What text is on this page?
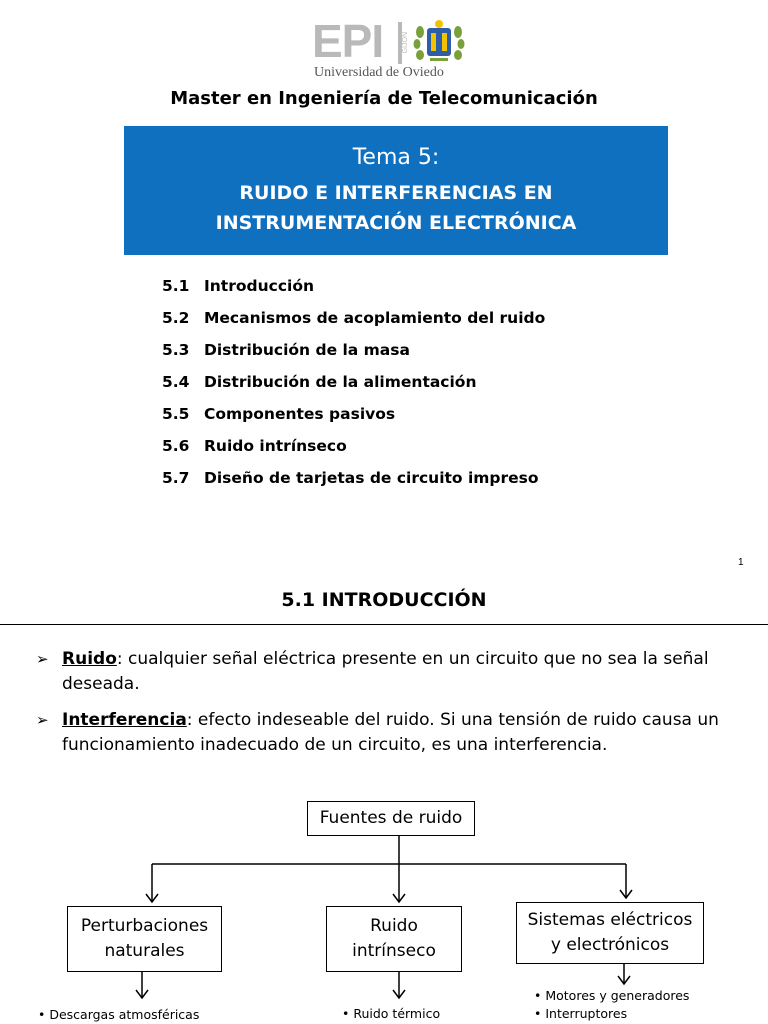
EPI	GIJÓN
Universidad de Oviedo
Master en Ingeniería de Telecomunicación
Tema 5:
RUIDO E INTERFERENCIAS EN
INSTRUMENTACIÓN ELECTRÓNICA
5.1 Introducción
5.2 Mecanismos de acoplamiento del ruido
5.3 Distribución de la masa
5.4 Distribución de la alimentación
5.5 Componentes pasivos
5.6 Ruido intrínseco
5.7 Diseño de tarjetas de circuito impreso
1
5.1 INTRODUCCIÓN
➢ Ruido: cualquier señal eléctrica presente en un circuito que no sea la señal deseada.
➢ Interferencia: efecto indeseable del ruido. Si una tensión de ruido causa un funcionamiento inadecuado de un circuito, es una interferencia.
Fuentes de ruido
Perturbaciones
naturales
Ruido
intrínseco
Sistemas eléctricos
y electrónicos
• Descargas atmosféricas	• Ruido térmico
• Motores y generadores
• Interruptores
